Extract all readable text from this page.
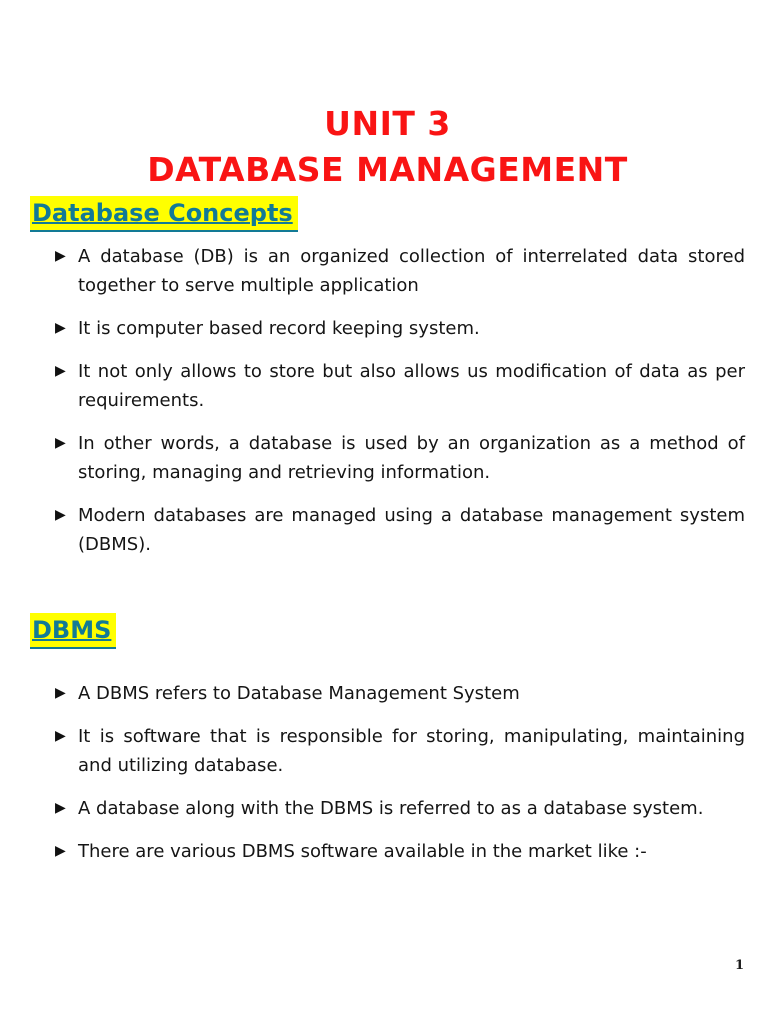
UNIT 3
DATABASE MANAGEMENT
Database Concepts
▶ A database (DB) is an organized collection of interrelated data stored together to serve multiple application

▶ It is computer based record keeping system.

▶ It not only allows to store but also allows us modification of data as per requirements.

▶ In other words, a database is used by an organization as a method of storing, managing and retrieving information.

▶ Modern databases are managed using a database management system (DBMS).

DBMS
▶ A DBMS refers to Database Management System

▶ It is software that is responsible for storing, manipulating, maintaining and utilizing database.

▶ A database along with the DBMS is referred to as a database system.

▶ There are various DBMS software available in the market like :-

1
